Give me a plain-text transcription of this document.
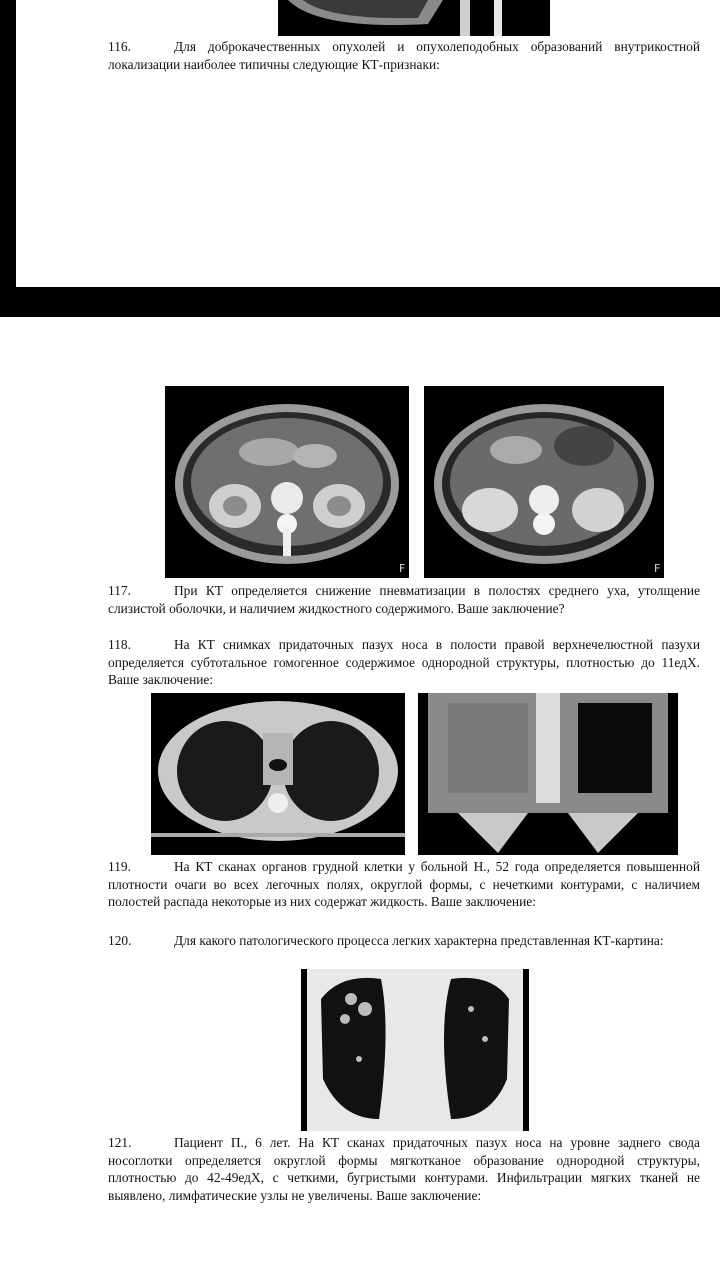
116.	Для доброкачественных опухолей и опухолеподобных образований внутрикостной локализации наиболее типичны следующие КТ-признаки:
F	F
117.	При КТ определяется снижение пневматизации в полостях среднего уха, утолщение слизистой оболочки, и наличием жидкостного содержимого. Ваше заключение?
118.	На КТ снимках придаточных пазух носа в полости правой верхнечелюстной пазухи определяется субтотальное гомогенное содержимое однородной структуры, плотностью до 11едХ. Ваше заключение:
119.	На КТ сканах органов грудной клетки у больной Н., 52 года определяется повышенной плотности очаги во всех легочных полях, округлой формы, с нечеткими контурами, с наличием полостей распада некоторые из них содержат жидкость. Ваше заключение:
120.	Для какого патологического процесса легких характерна представленная КТ-картина:
121.	Пациент П., 6 лет. На КТ сканах придаточных пазух носа на уровне заднего свода носоглотки определяется округлой формы мягкотканое образование однородной структуры, плотностью до 42-49едХ, с четкими, бугристыми контурами. Инфильтрации мягких тканей не выявлено, лимфатические узлы не увеличены. Ваше заключение:
